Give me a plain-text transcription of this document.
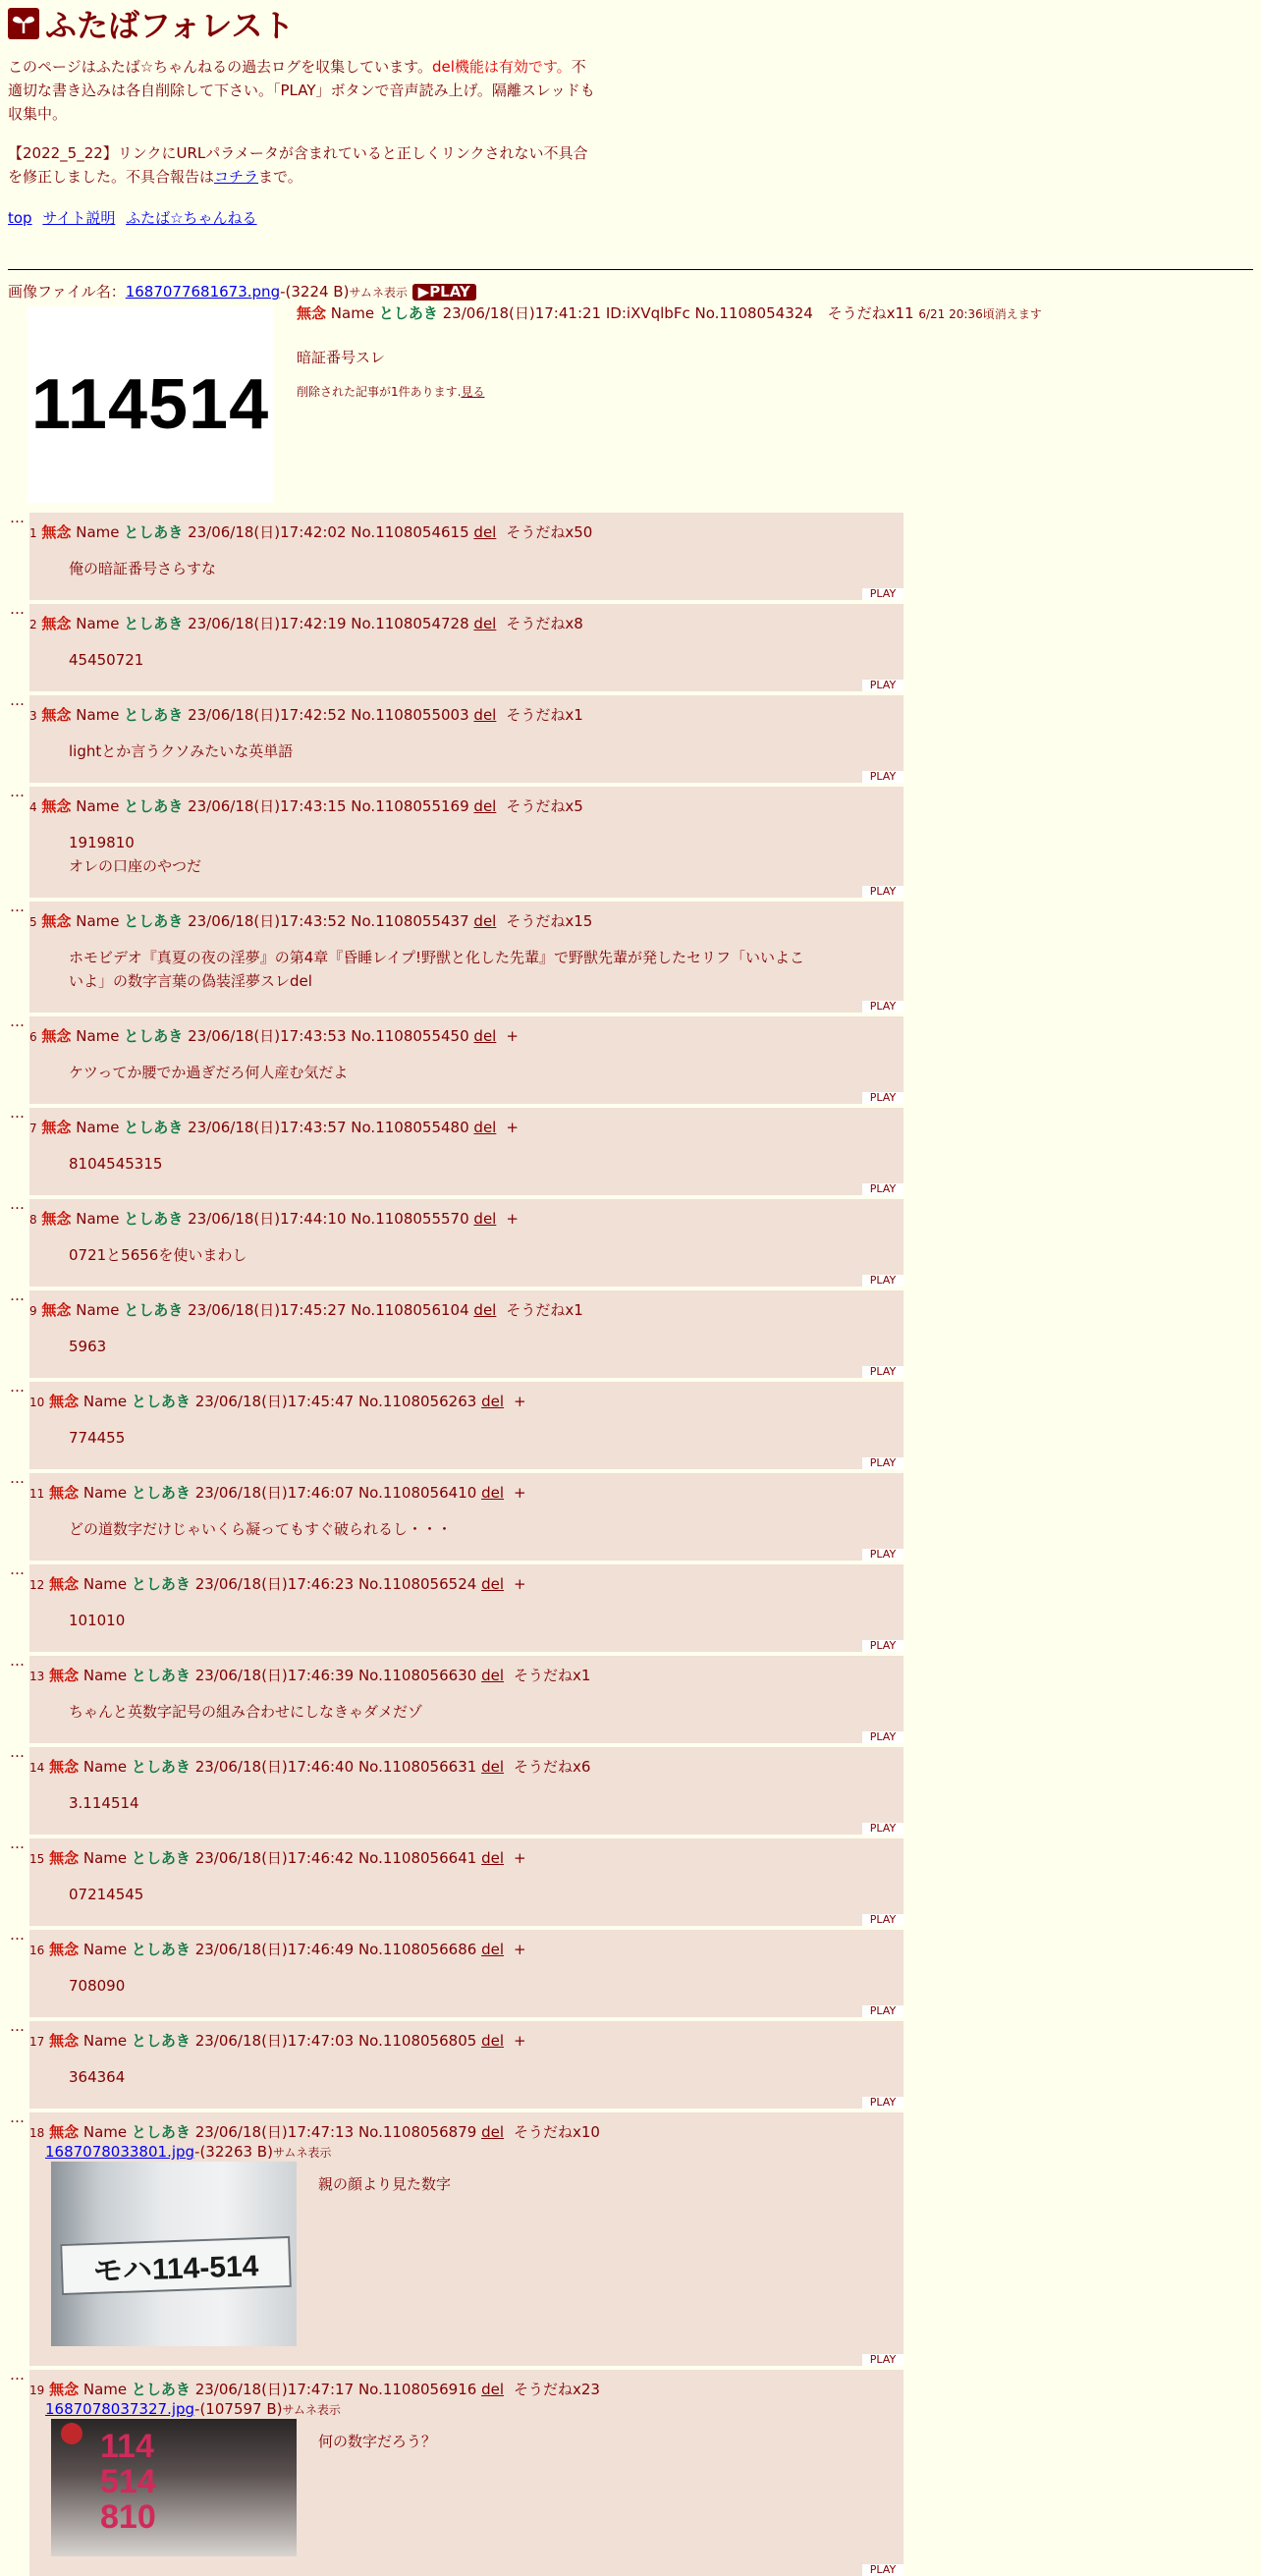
ふたばフォレスト

このページはふたば☆ちゃんねるの過去ログを収集しています。del機能は有効です。不適切な書き込みは各自削除して下さい。「PLAY」ボタンで音声読み上げ。隔離スレッドも収集中。

【2022_5_22】リンクにURLパラメータが含まれていると正しくリンクされない不具合を修正しました。不具合報告はコチラまで。

top サイト説明 ふたば☆ちゃんねる
画像ファイル名：1687077681673.png-(3224 B)サムネ表示 ▶PLAY
114514
無念 Name としあき 23/06/18(日)17:41:21 ID:iXVqlbFc No.1108054324 そうだねx11 6/21 20:36頃消えます
暗証番号スレ
削除された記事が1件あります.見る
…
1 無念 Name としあき 23/06/18(日)17:42:02 No.1108054615 del そうだねx50
俺の暗証番号さらすな
PLAY
…
2 無念 Name としあき 23/06/18(日)17:42:19 No.1108054728 del そうだねx8
45450721
PLAY
…
3 無念 Name としあき 23/06/18(日)17:42:52 No.1108055003 del そうだねx1
lightとか言うクソみたいな英単語
PLAY
…
4 無念 Name としあき 23/06/18(日)17:43:15 No.1108055169 del そうだねx5
1919810
オレの口座のやつだ
PLAY
…
5 無念 Name としあき 23/06/18(日)17:43:52 No.1108055437 del そうだねx15
ホモビデオ『真夏の夜の淫夢』の第4章『昏睡レイプ!野獣と化した先輩』で野獣先輩が発したセリフ「いいよこ
いよ」の数字言葉の偽装淫夢スレdel
PLAY
…
6 無念 Name としあき 23/06/18(日)17:43:53 No.1108055450 del +
ケツってか腰でか過ぎだろ何人産む気だよ
PLAY
…
7 無念 Name としあき 23/06/18(日)17:43:57 No.1108055480 del +
8104545315
PLAY
…
8 無念 Name としあき 23/06/18(日)17:44:10 No.1108055570 del +
0721と5656を使いまわし
PLAY
…
9 無念 Name としあき 23/06/18(日)17:45:27 No.1108056104 del そうだねx1
5963
PLAY
…
10 無念 Name としあき 23/06/18(日)17:45:47 No.1108056263 del +
774455
PLAY
…
11 無念 Name としあき 23/06/18(日)17:46:07 No.1108056410 del +
どの道数字だけじゃいくら凝ってもすぐ破られるし・・・
PLAY
…
12 無念 Name としあき 23/06/18(日)17:46:23 No.1108056524 del +
101010
PLAY
…
13 無念 Name としあき 23/06/18(日)17:46:39 No.1108056630 del そうだねx1
ちゃんと英数字記号の組み合わせにしなきゃダメだゾ
PLAY
…
14 無念 Name としあき 23/06/18(日)17:46:40 No.1108056631 del そうだねx6
3.114514
PLAY
…
15 無念 Name としあき 23/06/18(日)17:46:42 No.1108056641 del +
07214545
PLAY
…
16 無念 Name としあき 23/06/18(日)17:46:49 No.1108056686 del +
708090
PLAY
…
17 無念 Name としあき 23/06/18(日)17:47:03 No.1108056805 del +
364364
PLAY
…
18 無念 Name としあき 23/06/18(日)17:47:13 No.1108056879 del そうだねx10
1687078033801.jpg-(32263 B)サムネ表示
モハ114-514
親の顔より見た数字
PLAY
…
19 無念 Name としあき 23/06/18(日)17:47:17 No.1108056916 del そうだねx23
1687078037327.jpg-(107597 B)サムネ表示
114 514 810
何の数字だろう？
PLAY
